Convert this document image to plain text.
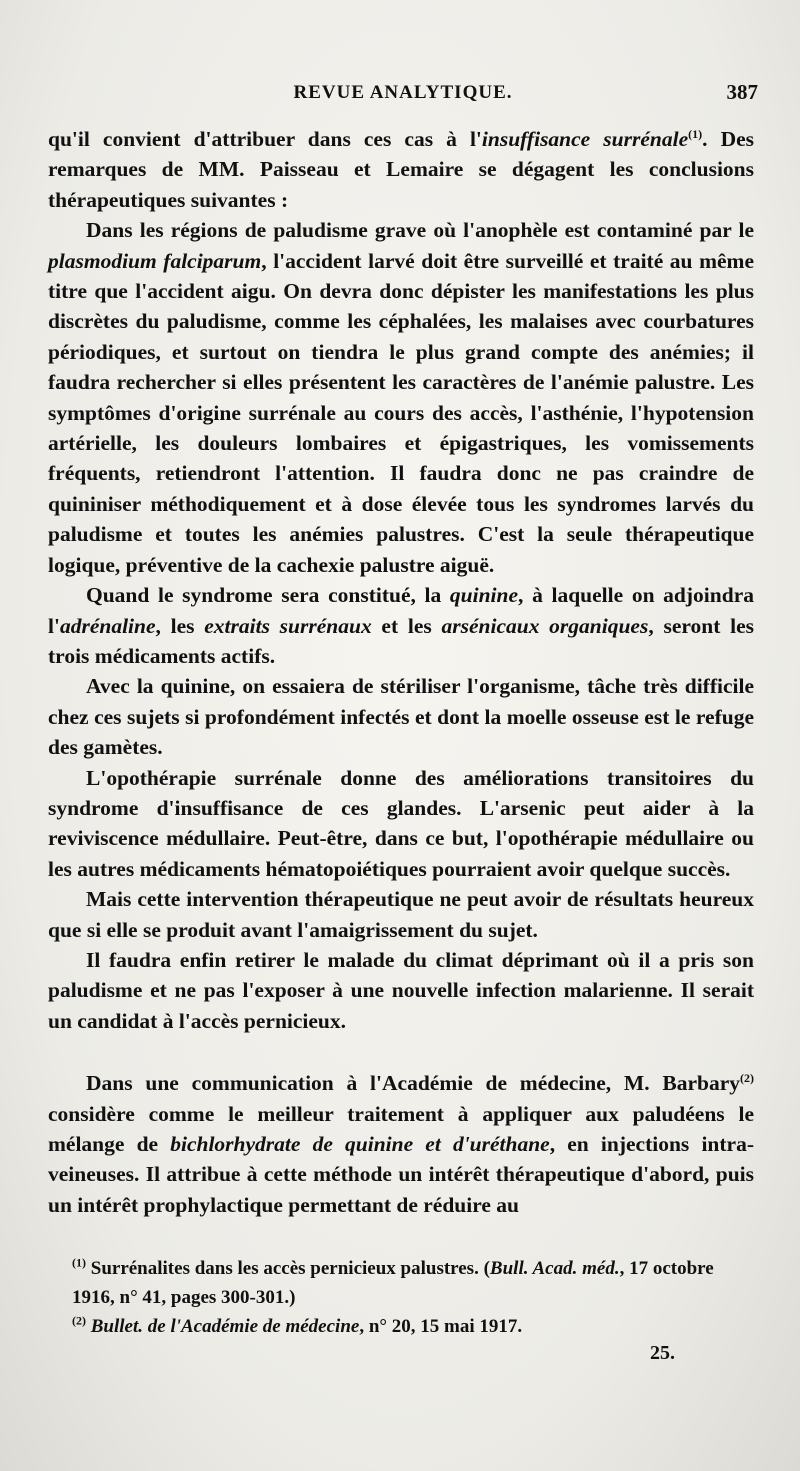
REVUE ANALYTIQUE.	387

qu'il convient d'attribuer dans ces cas à l'insuffisance surrénale$^{(1)}$. Des remarques de MM. Paisseau et Lemaire se dégagent les conclusions thérapeutiques suivantes :

Dans les régions de paludisme grave où l'anophèle est contaminé par le plasmodium falciparum, l'accident larvé doit être surveillé et traité au même titre que l'accident aigu. On devra donc dépister les manifestations les plus discrètes du paludisme, comme les céphalées, les malaises avec courbatures périodiques, et surtout on tiendra le plus grand compte des anémies; il faudra rechercher si elles présentent les caractères de l'anémie palustre. Les symptômes d'origine surrénale au cours des accès, l'asthénie, l'hypotension artérielle, les douleurs lombaires et épigastriques, les vomissements fréquents, retiendront l'attention. Il faudra donc ne pas craindre de quininiser méthodiquement et à dose élevée tous les syndromes larvés du paludisme et toutes les anémies palustres. C'est la seule thérapeutique logique, préventive de la cachexie palustre aiguë.

Quand le syndrome sera constitué, la quinine, à laquelle on adjoindra l'adrénaline, les extraits surrénaux et les arsénicaux organiques, seront les trois médicaments actifs.

Avec la quinine, on essaiera de stériliser l'organisme, tâche très difficile chez ces sujets si profondément infectés et dont la moelle osseuse est le refuge des gamètes.

L'opothérapie surrénale donne des améliorations transitoires du syndrome d'insuffisance de ces glandes. L'arsenic peut aider à la reviviscence médullaire. Peut-être, dans ce but, l'opothérapie médullaire ou les autres médicaments hématopoiétiques pourraient avoir quelque succès.

Mais cette intervention thérapeutique ne peut avoir de résultats heureux que si elle se produit avant l'amaigrissement du sujet.

Il faudra enfin retirer le malade du climat déprimant où il a pris son paludisme et ne pas l'exposer à une nouvelle infection malarienne. Il serait un candidat à l'accès pernicieux.

Dans une communication à l'Académie de médecine, M. Barbary$^{(2)}$ considère comme le meilleur traitement à appliquer aux paludéens le mélange de bichlorhydrate de quinine et d'uréthane, en injections intra-veineuses. Il attribue à cette méthode un intérêt thérapeutique d'abord, puis un intérêt prophylactique permettant de réduire au

$^{(1)}$ Surrénalites dans les accès pernicieux palustres. (Bull. Acad. méd., 17 octobre 1916, n° 41, pages 300-301.)

$^{(2)}$ Bullet. de l'Académie de médecine, n° 20, 15 mai 1917.

25.
